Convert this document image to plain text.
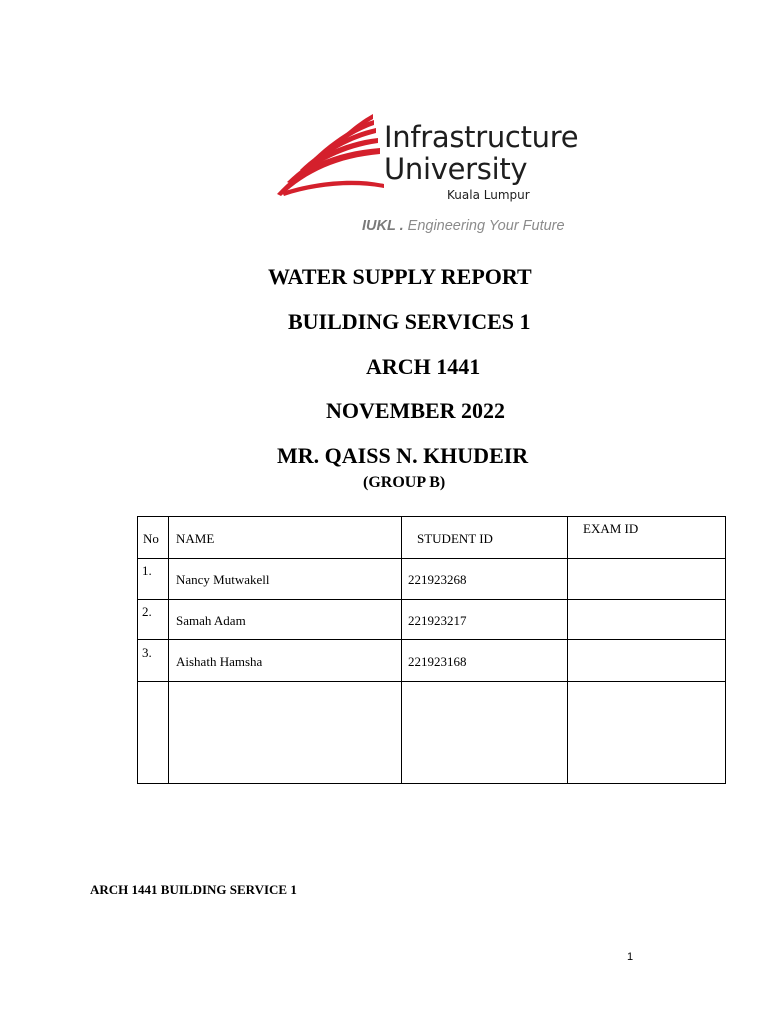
Infrastructure
University
Kuala Lumpur
IUKL . Engineering Your Future
WATER SUPPLY REPORT
BUILDING SERVICES 1
ARCH 1441
NOVEMBER 2022
MR. QAISS N. KHUDEIR
(GROUP B)
No	NAME	STUDENT ID	EXAM ID

1.	Nancy Mutwakell	221923268	

2.	Samah Adam	221923217	

3.	Aishath Hamsha	221923168	

ARCH 1441 BUILDING SERVICE 1
1
